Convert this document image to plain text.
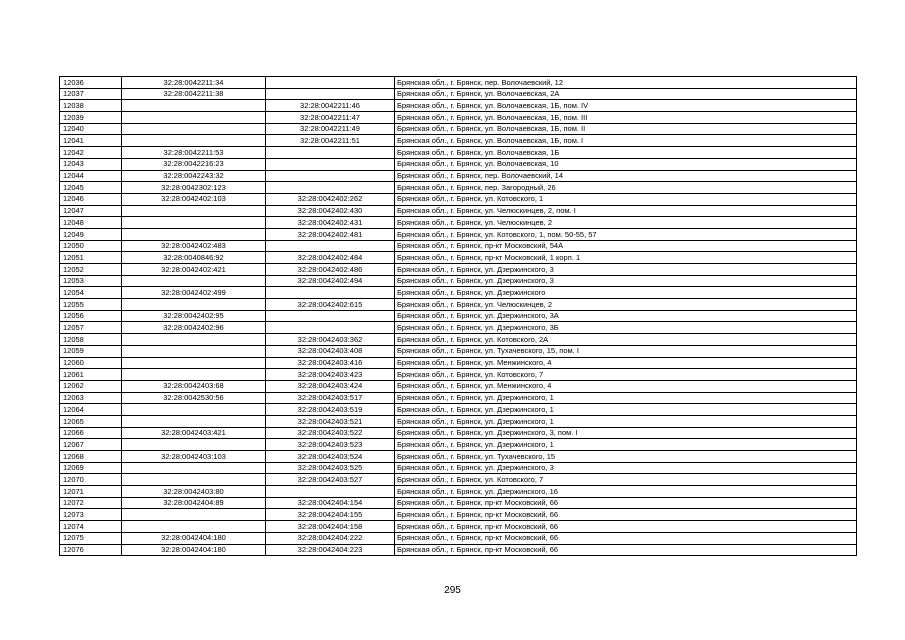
12036	32:28:0042211:34		Брянская обл., г. Брянск, пер. Волочаевский, 12
12037	32:28:0042211:38		Брянская обл., г. Брянск, ул. Волочаевская, 2А
12038		32:28:0042211:46	Брянская обл., г. Брянск, ул. Волочаевская, 1Б, пом. IV
12039		32:28:0042211:47	Брянская обл., г. Брянск, ул. Волочаевская, 1Б, пом. III
12040		32:28:0042211:49	Брянская обл., г. Брянск, ул. Волочаевская, 1Б, пом. II
12041		32:28:0042211:51	Брянская обл., г. Брянск, ул. Волочаевская, 1Б, пом. I
12042	32:28:0042211:53		Брянская обл., г. Брянск, ул. Волочаевская, 1Б
12043	32:28:0042216:23		Брянская обл., г. Брянск, ул. Волочаевская, 10
12044	32:28:0042243:32		Брянская обл., г. Брянск, пер. Волочаевский, 14
12045	32:28:0042302:123		Брянская обл., г. Брянск, пер. Загородный, 26
12046	32:28:0042402:103	32:28:0042402:262	Брянская обл., г. Брянск, ул. Котовского, 1
12047		32:28:0042402:430	Брянская обл., г. Брянск, ул. Челюскинцев, 2, пом. I
12048		32:28:0042402:431	Брянская обл., г. Брянск, ул. Челюскинцев, 2
12049		32:28:0042402:481	Брянская обл., г. Брянск, ул. Котовского, 1, пом. 50-55, 57
12050	32:28:0042402:483		Брянская обл., г. Брянск, пр-кт Московский, 54А
12051	32:28:0040846:92	32:28:0042402:484	Брянская обл., г. Брянск, пр-кт Московский, 1 корп. 1
12052	32:28:0042402:421	32:28:0042402:486	Брянская обл., г. Брянск, ул. Дзержинского, 3
12053		32:28:0042402:494	Брянская обл., г. Брянск, ул. Дзержинского, 3
12054	32:28:0042402:499		Брянская обл., г. Брянск, ул. Дзержинского
12055		32:28:0042402:615	Брянская обл., г. Брянск, ул. Челюскинцев, 2
12056	32:28:0042402:95		Брянская обл., г. Брянск, ул. Дзержинского, 3А
12057	32:28:0042402:96		Брянская обл., г. Брянск, ул. Дзержинского, 3Б
12058		32:28:0042403:362	Брянская обл., г. Брянск, ул. Котовского, 2А
12059		32:28:0042403:408	Брянская обл., г. Брянск, ул. Тухачевского, 15, пом. I
12060		32:28:0042403:416	Брянская обл., г. Брянск, ул. Менжинского, 4
12061		32:28:0042403:423	Брянская обл., г. Брянск, ул. Котовского, 7
12062	32:28:0042403:68	32:28:0042403:424	Брянская обл., г. Брянск, ул. Менжинского, 4
12063	32:28:0042530:56	32:28:0042403:517	Брянская обл., г. Брянск, ул. Дзержинского, 1
12064		32:28:0042403:519	Брянская обл., г. Брянск, ул. Дзержинского, 1
12065		32:28:0042403:521	Брянская обл., г. Брянск, ул. Дзержинского, 1
12066	32:28:0042403:421	32:28:0042403:522	Брянская обл., г. Брянск, ул. Дзержинского, 3, пом. I
12067		32:28:0042403:523	Брянская обл., г. Брянск, ул. Дзержинского, 1
12068	32:28:0042403:103	32:28:0042403:524	Брянская обл., г. Брянск, ул. Тухачевского, 15
12069		32:28:0042403:525	Брянская обл., г. Брянск, ул. Дзержинского, 3
12070		32:28:0042403:527	Брянская обл., г. Брянск, ул. Котовского, 7
12071	32:28:0042403:80		Брянская обл., г. Брянск, ул. Дзержинского, 16
12072	32:28:0042404:89	32:28:0042404:154	Брянская обл., г. Брянск, пр-кт Московский, 66
12073		32:28:0042404:155	Брянская обл., г. Брянск, пр-кт Московский, 66
12074		32:28:0042404:158	Брянская обл., г. Брянск, пр-кт Московский, 66
12075	32:28:0042404:180	32:28:0042404:222	Брянская обл., г. Брянск, пр-кт Московский, 66
12076	32:28:0042404:180	32:28:0042404:223	Брянская обл., г. Брянск, пр-кт Московский, 66
295
